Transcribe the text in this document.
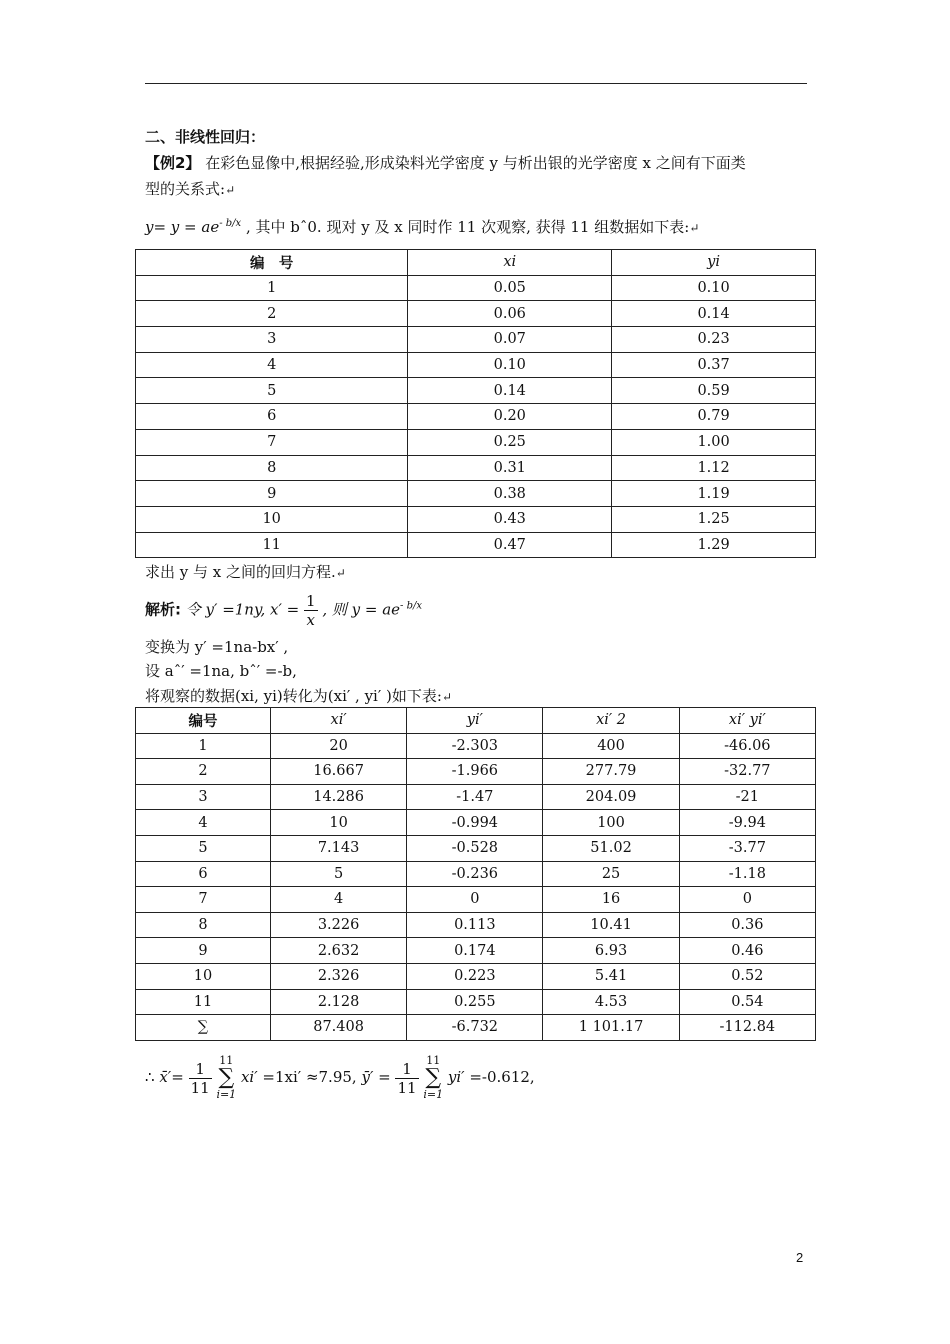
二、非线性回归：
【例2】 在彩色显像中,根据经验,形成染料光学密度 y 与析出银的光学密度 x 之间有下面类
型的关系式:↵
$y= y = ae^{- b/x}$ , 其中 bˆ0. 现对 y 及 x 同时作 11 次观察, 获得 11 组数据如下表:↵
编　号	xi	yi
1	0.05	0.10
2	0.06	0.14
3	0.07	0.23
4	0.10	0.37
5	0.14	0.59
6	0.20	0.79
7	0.25	1.00
8	0.31	1.12
9	0.38	1.19
10	0.43	1.25
11	0.47	1.29
求出 y 与 x 之间的回归方程.↵
解析: 令 y′ =1ny, $x' = \frac{1}{x}$ , 则 $y = ae^{- b/x}$
变换为 y′ =1na-bx′ ,
设 aˆ′ =1na, bˆ′ =-b,
将观察的数据(xi, yi)转化为(xi′ , yi′ )如下表:↵
编号	xi′	yi′	xi′ 2	xi′ yi′
1	20	-2.303	400	-46.06
2	16.667	-1.966	277.79	-32.77
3	14.286	-1.47	204.09	-21
4	10	-0.994	100	-9.94
5	7.143	-0.528	51.02	-3.77
6	5	-0.236	25	-1.18
7	4	0	16	0
8	3.226	0.113	10.41	0.36
9	2.632	0.174	6.93	0.46
10	2.326	0.223	5.41	0.52
11	2.128	0.255	4.53	0.54
∑	87.408	-6.732	1 101.17	-112.84
∴ x̄′= $\frac{1}{11} 11$
∑
i=1 xi′ =1xi′ ≈7.95, ȳ′ = $\frac{1}{11} 11$
∑
i=1 yi′ =-0.612,
2
